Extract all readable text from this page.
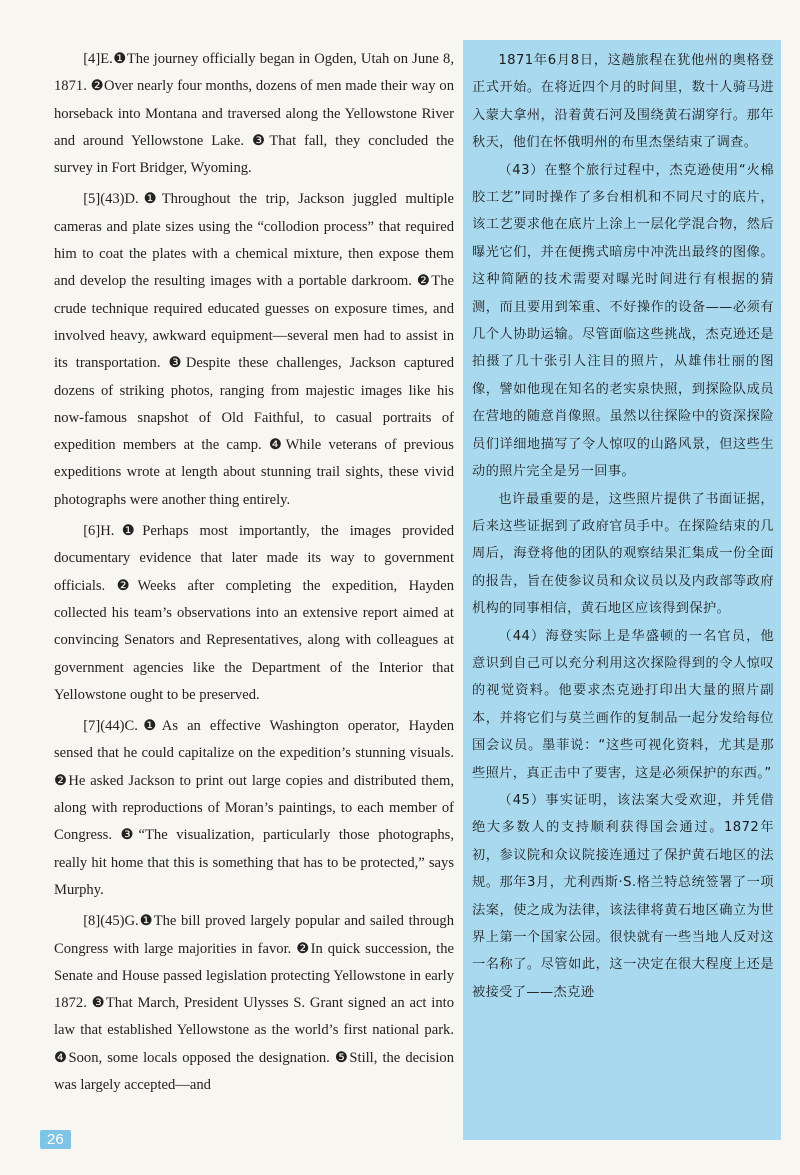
[4]E.❶The journey officially began in Ogden, Utah on June 8, 1871. ❷Over nearly four months, dozens of men made their way on horseback into Montana and traversed along the Yellowstone River and around Yellowstone Lake. ❸That fall, they concluded the survey in Fort Bridger, Wyoming.

[5](43)D.❶Throughout the trip, Jackson juggled multiple cameras and plate sizes using the “collodion process” that required him to coat the plates with a chemical mixture, then expose them and develop the resulting images with a portable darkroom. ❷The crude technique required educated guesses on exposure times, and involved heavy, awkward equipment—several men had to assist in its transportation. ❸Despite these challenges, Jackson captured dozens of striking photos, ranging from majestic images like his now-famous snapshot of Old Faithful, to casual portraits of expedition members at the camp. ❹While veterans of previous expeditions wrote at length about stunning trail sights, these vivid photographs were another thing entirely.

[6]H.❶Perhaps most importantly, the images provided documentary evidence that later made its way to government officials. ❷Weeks after completing the expedition, Hayden collected his team’s observations into an extensive report aimed at convincing Senators and Representatives, along with colleagues at government agencies like the Department of the Interior that Yellowstone ought to be preserved.

[7](44)C.❶As an effective Washington operator, Hayden sensed that he could capitalize on the expedition’s stunning visuals. ❷He asked Jackson to print out large copies and distributed them, along with reproductions of Moran’s paintings, to each member of Congress. ❸“The visualization, particularly those photographs, really hit home that this is something that has to be protected,” says Murphy.

[8](45)G.❶The bill proved largely popular and sailed through Congress with large majorities in favor. ❷In quick succession, the Senate and House passed legislation protecting Yellowstone in early 1872. ❸That March, President Ulysses S. Grant signed an act into law that established Yellowstone as the world’s first national park. ❹Soon, some locals opposed the designation. ❺Still, the decision was largely accepted—and

1871年6月8日，这趟旅程在犹他州的奥格登正式开始。在将近四个月的时间里，数十人骑马进入蒙大拿州，沿着黄石河及围绕黄石湖穿行。那年秋天，他们在怀俄明州的布里杰堡结束了调查。

（43）在整个旅行过程中，杰克逊使用“火棉胶工艺”同时操作了多台相机和不同尺寸的底片，该工艺要求他在底片上涂上一层化学混合物，然后曝光它们，并在便携式暗房中冲洗出最终的图像。这种简陋的技术需要对曝光时间进行有根据的猜测，而且要用到笨重、不好操作的设备——必须有几个人协助运输。尽管面临这些挑战，杰克逊还是拍摄了几十张引人注目的照片，从雄伟壮丽的图像，譬如他现在知名的老实泉快照，到探险队成员在营地的随意肖像照。虽然以往探险中的资深探险员们详细地描写了令人惊叹的山路风景，但这些生动的照片完全是另一回事。

也许最重要的是，这些照片提供了书面证据，后来这些证据到了政府官员手中。在探险结束的几周后，海登将他的团队的观察结果汇集成一份全面的报告，旨在使参议员和众议员以及内政部等政府机构的同事相信，黄石地区应该得到保护。

（44）海登实际上是华盛顿的一名官员，他意识到自己可以充分利用这次探险得到的令人惊叹的视觉资料。他要求杰克逊打印出大量的照片副本，并将它们与莫兰画作的复制品一起分发给每位国会议员。墨菲说：“这些可视化资料，尤其是那些照片，真正击中了要害，这是必须保护的东西。”

（45）事实证明，该法案大受欢迎，并凭借绝大多数人的支持顺利获得国会通过。1872年初，参议院和众议院接连通过了保护黄石地区的法规。那年3月，尤利西斯·S.格兰特总统签署了一项法案，使之成为法律，该法律将黄石地区确立为世界上第一个国家公园。很快就有一些当地人反对这一名称了。尽管如此，这一决定在很大程度上还是被接受了——杰克逊

26
